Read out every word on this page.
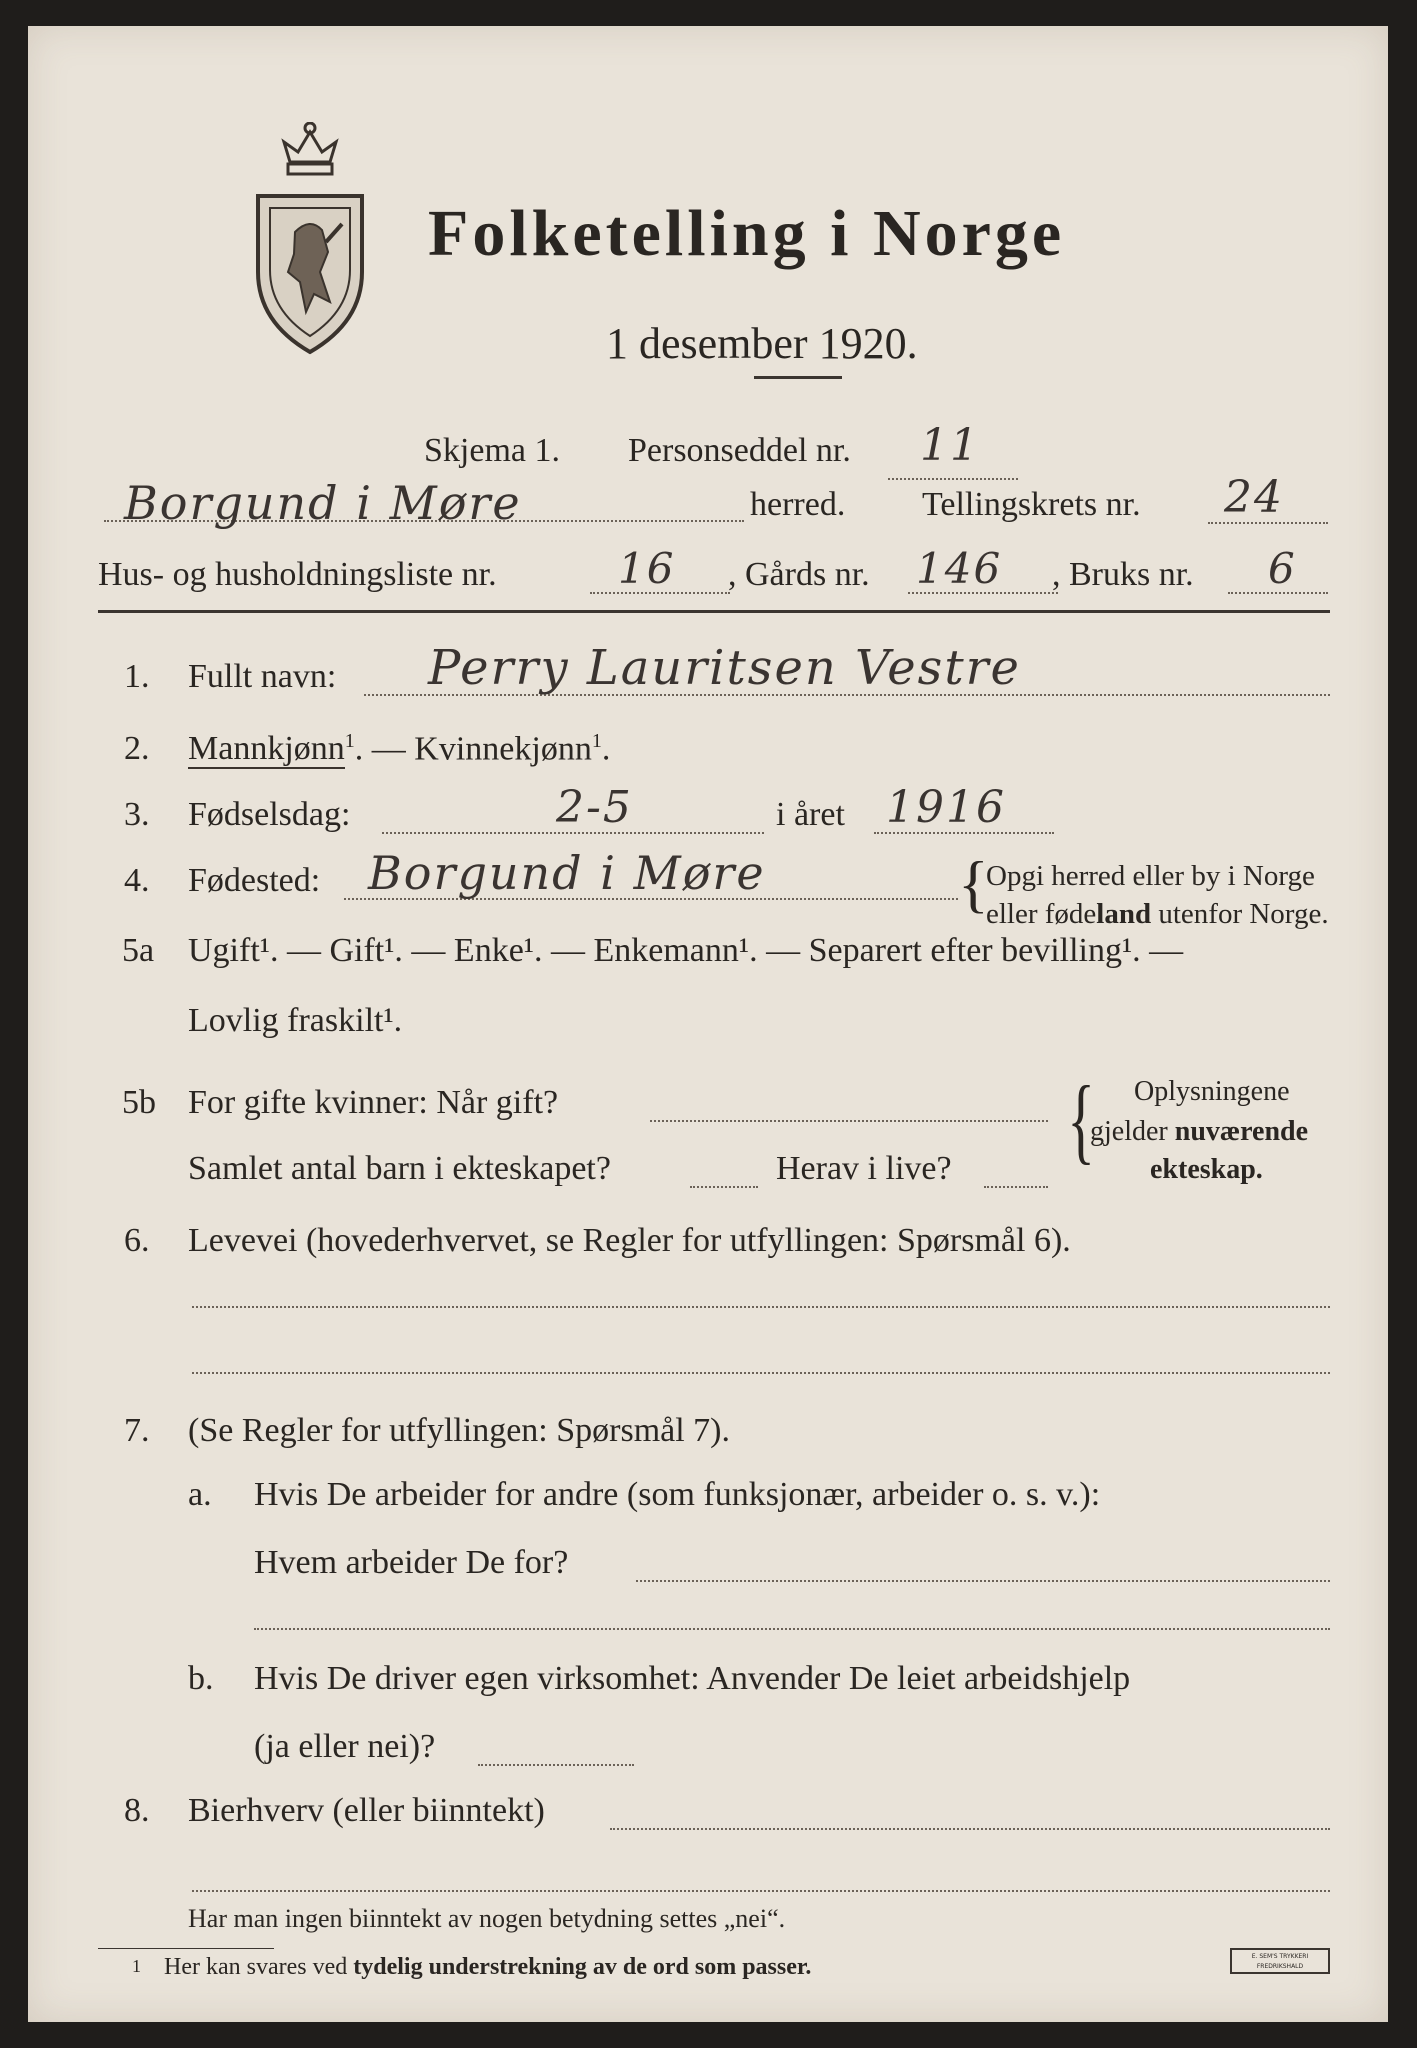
Folketelling i Norge
1 desember 1920.
Skjema 1. Personseddel nr. 11
Borgund i Møre	herred. Tellingskrets nr. 24
Hus- og husholdningsliste nr.	16 , Gårds nr. 146 , Bruks nr. 6
1. Fullt navn: Perry Lauritsen Vestre
2. Mannkjønn$^1$. — Kvinnekjønn$^1$.
3. Fødselsdag:	2-5	i året 1916
4. Fødested: Borgund i Møre	{
Opgi herred eller by i Norge
eller fødeland utenfor Norge.
5a Ugift¹. — Gift¹. — Enke¹. — Enkemann¹. — Separert efter bevilling¹. —
Lovlig fraskilt¹.
5b For gifte kvinner: Når gift?
Samlet antal barn i ekteskapet?	Herav i live? { Oplysningene
gjelder nuværende
ekteskap.
6. Levevei (hovederhvervet, se Regler for utfyllingen: Spørsmål 6).
7. (Se Regler for utfyllingen: Spørsmål 7).
a. Hvis De arbeider for andre (som funksjonær, arbeider o. s. v.):
Hvem arbeider De for?
b. Hvis De driver egen virksomhet: Anvender De leiet arbeidshjelp
(ja eller nei)?
8. Bierhverv (eller biinntekt)
Har man ingen biinntekt av nogen betydning settes „nei“.
1 Her kan svares ved tydelig understrekning av de ord som passer.	E. SEM'S TRYKKERI FREDRIKSHALD
